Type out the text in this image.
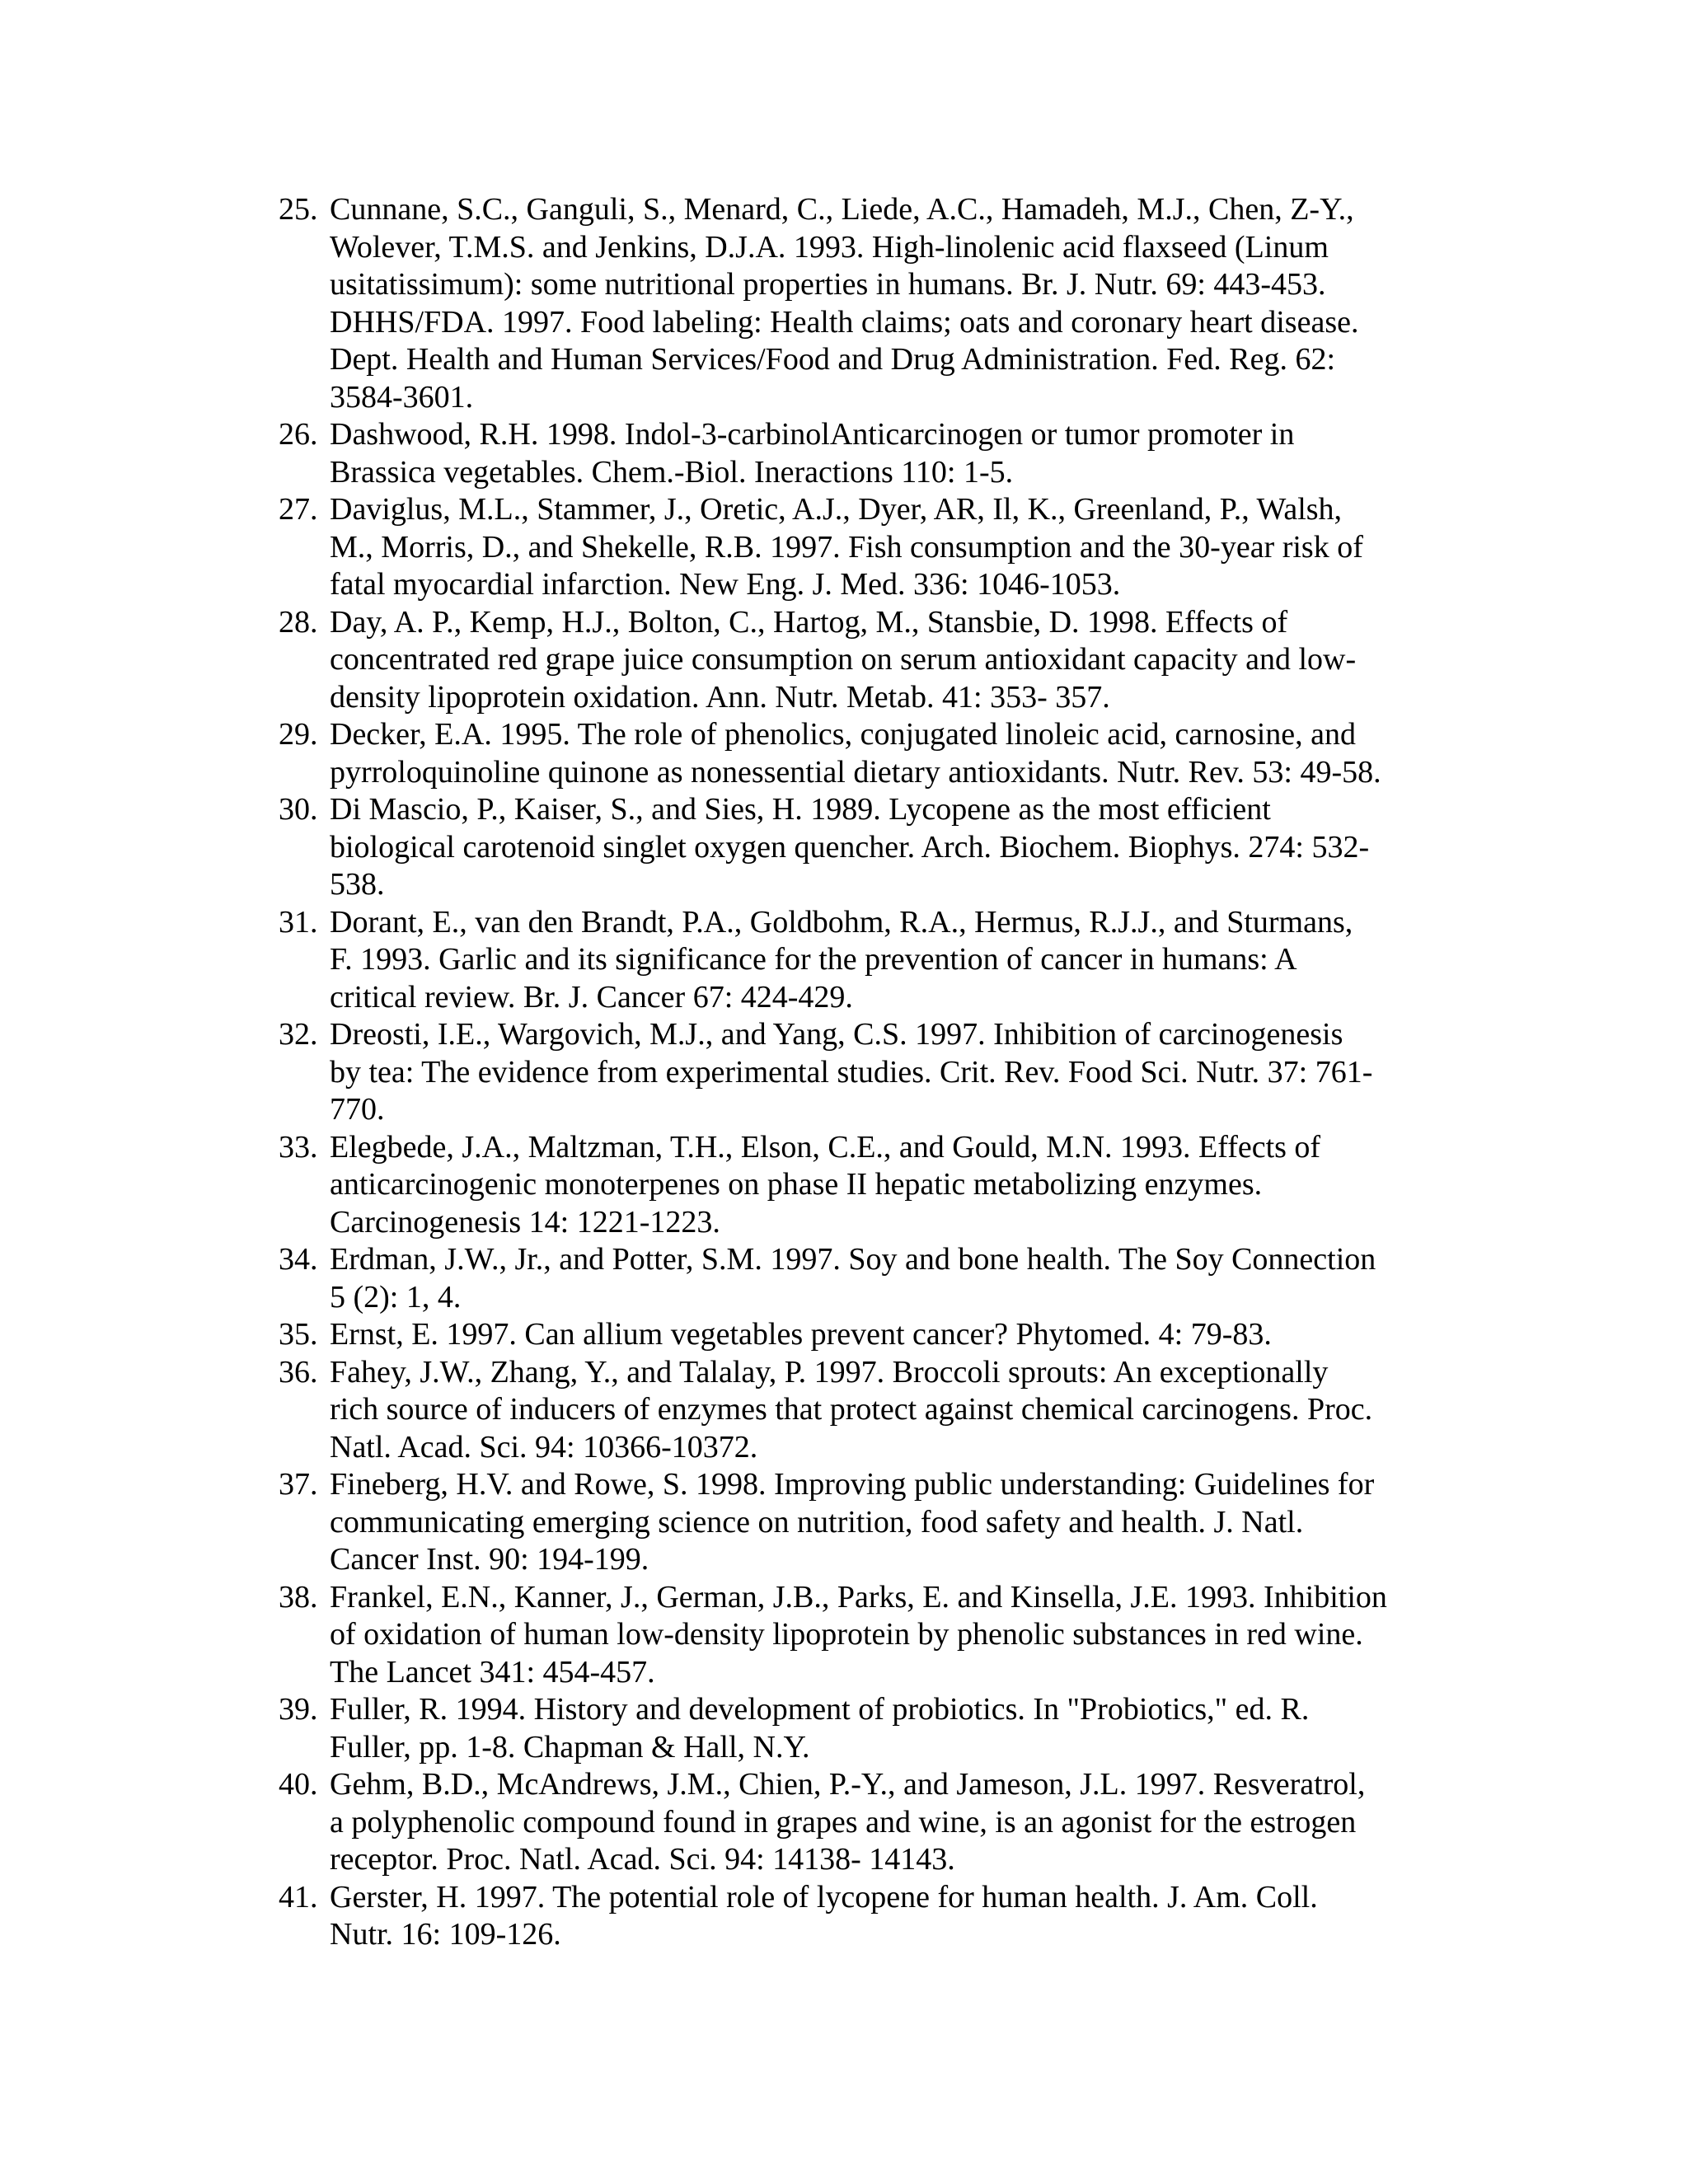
25. Cunnane, S.C., Ganguli, S., Menard, C., Liede, A.C., Hamadeh, M.J., Chen, Z-Y.,
Wolever, T.M.S. and Jenkins, D.J.A. 1993. High-linolenic acid flaxseed (Linum
usitatissimum): some nutritional properties in humans. Br. J. Nutr. 69: 443-453.
DHHS/FDA. 1997. Food labeling: Health claims; oats and coronary heart disease.
Dept. Health and Human Services/Food and Drug Administration. Fed. Reg. 62:
3584-3601.
26. Dashwood, R.H. 1998. Indol-3-carbinolAnticarcinogen or tumor promoter in
Brassica vegetables. Chem.-Biol. Ineractions 110: 1-5.
27. Daviglus, M.L., Stammer, J., Oretic, A.J., Dyer, AR, Il, K., Greenland, P., Walsh,
M., Morris, D., and Shekelle, R.B. 1997. Fish consumption and the 30-year risk of
fatal myocardial infarction. New Eng. J. Med. 336: 1046-1053.
28. Day, A. P., Kemp, H.J., Bolton, C., Hartog, M., Stansbie, D. 1998. Effects of
concentrated red grape juice consumption on serum antioxidant capacity and low-
density lipoprotein oxidation. Ann. Nutr. Metab. 41: 353- 357.
29. Decker, E.A. 1995. The role of phenolics, conjugated linoleic acid, carnosine, and
pyrroloquinoline quinone as nonessential dietary antioxidants. Nutr. Rev. 53: 49-58.
30. Di Mascio, P., Kaiser, S., and Sies, H. 1989. Lycopene as the most efficient
biological carotenoid singlet oxygen quencher. Arch. Biochem. Biophys. 274: 532-
538.
31. Dorant, E., van den Brandt, P.A., Goldbohm, R.A., Hermus, R.J.J., and Sturmans,
F. 1993. Garlic and its significance for the prevention of cancer in humans: A
critical review. Br. J. Cancer 67: 424-429.
32. Dreosti, I.E., Wargovich, M.J., and Yang, C.S. 1997. Inhibition of carcinogenesis
by tea: The evidence from experimental studies. Crit. Rev. Food Sci. Nutr. 37: 761-
770.
33. Elegbede, J.A., Maltzman, T.H., Elson, C.E., and Gould, M.N. 1993. Effects of
anticarcinogenic monoterpenes on phase II hepatic metabolizing enzymes.
Carcinogenesis 14: 1221-1223.
34. Erdman, J.W., Jr., and Potter, S.M. 1997. Soy and bone health. The Soy Connection
5 (2): 1, 4.
35. Ernst, E. 1997. Can allium vegetables prevent cancer? Phytomed. 4: 79-83.
36. Fahey, J.W., Zhang, Y., and Talalay, P. 1997. Broccoli sprouts: An exceptionally
rich source of inducers of enzymes that protect against chemical carcinogens. Proc.
Natl. Acad. Sci. 94: 10366-10372.
37. Fineberg, H.V. and Rowe, S. 1998. Improving public understanding: Guidelines for
communicating emerging science on nutrition, food safety and health. J. Natl.
Cancer Inst. 90: 194-199.
38. Frankel, E.N., Kanner, J., German, J.B., Parks, E. and Kinsella, J.E. 1993. Inhibition
of oxidation of human low-density lipoprotein by phenolic substances in red wine.
The Lancet 341: 454-457.
39. Fuller, R. 1994. History and development of probiotics. In "Probiotics," ed. R.
Fuller, pp. 1-8. Chapman & Hall, N.Y.
40. Gehm, B.D., McAndrews, J.M., Chien, P.-Y., and Jameson, J.L. 1997. Resveratrol,
a polyphenolic compound found in grapes and wine, is an agonist for the estrogen
receptor. Proc. Natl. Acad. Sci. 94: 14138- 14143.
41. Gerster, H. 1997. The potential role of lycopene for human health. J. Am. Coll.
Nutr. 16: 109-126.
